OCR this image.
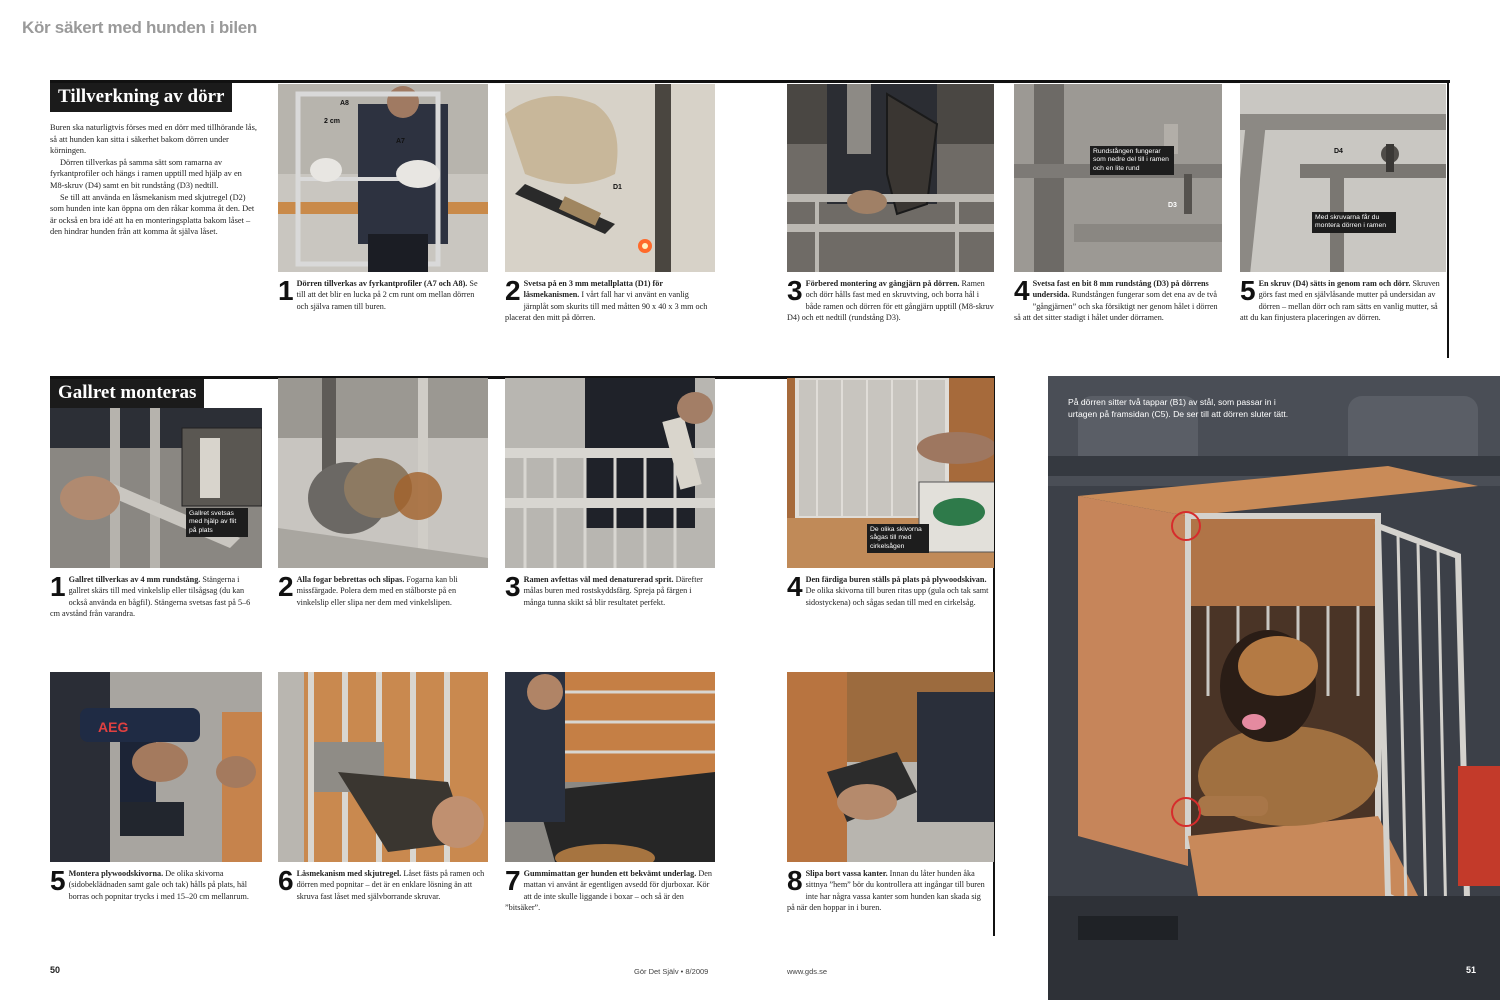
Kör säkert med hunden i bilen
Tillverkning av dörr

Buren ska naturligtvis förses med en dörr med tillhörande lås, så att hunden kan sitta i säkerhet bakom dörren under körningen.

Dörren tillverkas på samma sätt som ramarna av fyrkantprofiler och hängs i ramen upptill med hjälp av en M8-skruv (D4) samt en bit rundstång (D3) nedtill.

Se till att använda en låsmekanism med skjutregel (D2) som hunden inte kan öppna om den råkar komma åt den. Det är också en bra idé att ha en monteringsplatta bakom låset – den hindrar hunden från att komma åt själva låset.

A8
2 cm
A7
D1
Rundstången fungerar som nedre del till i ramen och en lite rund
D3
D4
Med skruvarna får du montera dörren i ramen
1 Dörren tillverkas av fyrkantprofiler (A7 och A8). Se till att det blir en lucka på 2 cm runt om mellan dörren och själva ramen till buren.
2 Svetsa på en 3 mm metallplatta (D1) för låsmekanismen. I vårt fall har vi använt en vanlig järnplåt som skurits till med måtten 90 x 40 x 3 mm och placerat den mitt på dörren.
3 Förbered montering av gångjärn på dörren. Ramen och dörr hålls fast med en skruvtving, och borra hål i både ramen och dörren för ett gångjärn upptill (M8-skruv D4) och ett nedtill (rundstång D3).
4 Svetsa fast en bit 8 mm rundstång (D3) på dörrens undersida. Rundstången fungerar som det ena av de två ”gångjärnen” och ska försiktigt ner genom hålet i dörren så att det sitter stadigt i hålet under dörramen.
5 En skruv (D4) sätts in genom ram och dörr. Skruven görs fast med en självlåsande mutter på undersidan av dörren – mellan dörr och ram sätts en vanlig mutter, så att du kan finjustera placeringen av dörren.
Gallret monteras
Gallret svetsas med hjälp av flit på plats	De olika skivorna sågas till med cirkelsågen
1 Gallret tillverkas av 4 mm rundstång. Stängerna i gallret skärs till med vinkelslip eller tilsågsag (du kan också använda en bågfil). Stängerna svetsas fast på 5–6 cm avstånd från varandra.
2 Alla fogar bebrettas och slipas. Fogarna kan bli missfärgade. Polera dem med en stålborste på en vinkelslip eller slipa ner dem med vinkelslipen.
3 Ramen avfettas väl med denaturerad sprit. Därefter målas buren med rostskyddsfärg. Spreja på färgen i många tunna skikt så blir resultatet perfekt.
4 Den färdiga buren ställs på plats på plywoodskivan. De olika skivorna till buren ritas upp (gula och tak samt sidostyckena) och sågas sedan till med en cirkelsåg.
AEG
5 Montera plywoodskivorna. De olika skivorna (sidobeklädnaden samt gale och tak) hålls på plats, häl borras och popnitar trycks i med 15–20 cm mellanrum.
6 Låsmekanism med skjutregel. Låset fästs på ramen och dörren med popnitar – det är en enklare lösning än att skruva fast låset med självborrande skruvar.
7 Gummimattan ger hunden ett bekvämt underlag. Den mattan vi använt är egentligen avsedd för djurboxar. Kör att de inte skulle liggande i boxar – och så är den ”bitsäker”.
8 Slipa bort vassa kanter. Innan du låter hunden åka sittnya ”hem” bör du kontrollera att ingångar till buren inte har några vassa kanter som hunden kan skada sig på när den hoppar in i buren.
På dörren sitter två tappar (B1) av stål, som passar in i urtagen på framsidan (C5). De ser till att dörren sluter tätt.
50	Gör Det Själv • 8/2009	www.gds.se	51
